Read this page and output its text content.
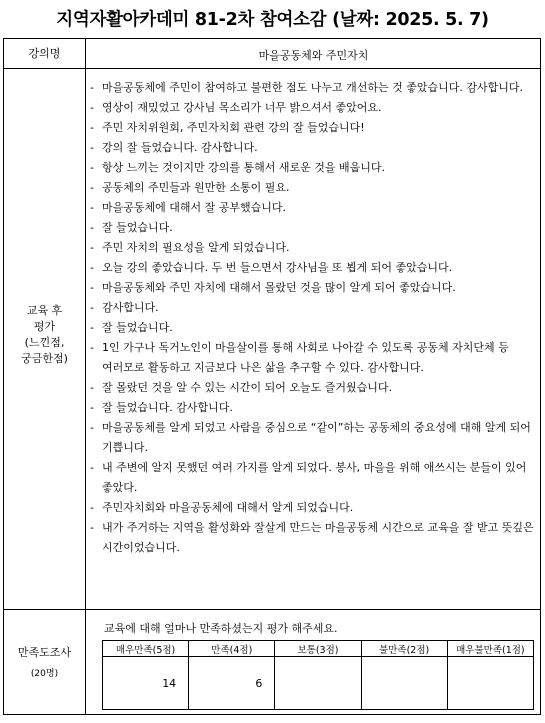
지역자활아카데미 81-2차 참여소감 (날짜: 2025. 5. 7)
강의명	마을공동체와 주민자치
교육 후
평가
(느낀점,
궁금한점)
- 마을공동체에 주민이 참여하고 불편한 점도 나누고 개선하는 것 좋았습니다. 감사합니다.
- 영상이 재밌었고 강사님 목소리가 너무 밝으셔서 좋았어요.
- 주민 자치위원회, 주민자치회 관련 강의 잘 들었습니다!
- 강의 잘 들었습니다. 감사합니다.
- 항상 느끼는 것이지만 강의를 통해서 새로운 것을 배웁니다.
- 공동체의 주민들과 원만한 소통이 필요.
- 마을공동체에 대해서 잘 공부했습니다.
- 잘 들었습니다.
- 주민 자치의 필요성을 알게 되었습니다.
- 오늘 강의 좋았습니다. 두 번 들으면서 강사님을 또 뵙게 되어 좋았습니다.
- 마을공동체와 주민 자치에 대해서 몰랐던 것을 많이 알게 되어 좋았습니다.
- 감사합니다.
- 잘 들었습니다.
- 1인 가구나 독거노인이 마을살이를 통해 사회로 나아갈 수 있도록 공동체 자치단체 등 여러모로 활동하고 지금보다 나은 삶을 추구할 수 있다. 감사합니다.
- 잘 몰랐던 것을 알 수 있는 시간이 되어 오늘도 즐거웠습니다.
- 잘 들었습니다. 감사합니다.
- 마을공동체를 알게 되었고 사람을 중심으로 “같이”하는 공동체의 중요성에 대해 알게 되어 기쁩니다.
- 내 주변에 알지 못했던 여러 가지를 알게 되었다. 봉사, 마을을 위해 애쓰시는 분들이 있어 좋았다.
- 주민자치회와 마을공동체에 대해서 알게 되었습니다.
- 내가 주거하는 지역을 활성화와 잘살게 만드는 마을공동체 시간으로 교육을 잘 받고 뜻깊은 시간이었습니다.
만족도조사
(20명)
교육에 대해 얼마나 만족하셨는지 평가 해주세요.
매우만족(5점)	만족(4점)	보통(3점)	불만족(2점)	매우불만족(1점)
14	6			
